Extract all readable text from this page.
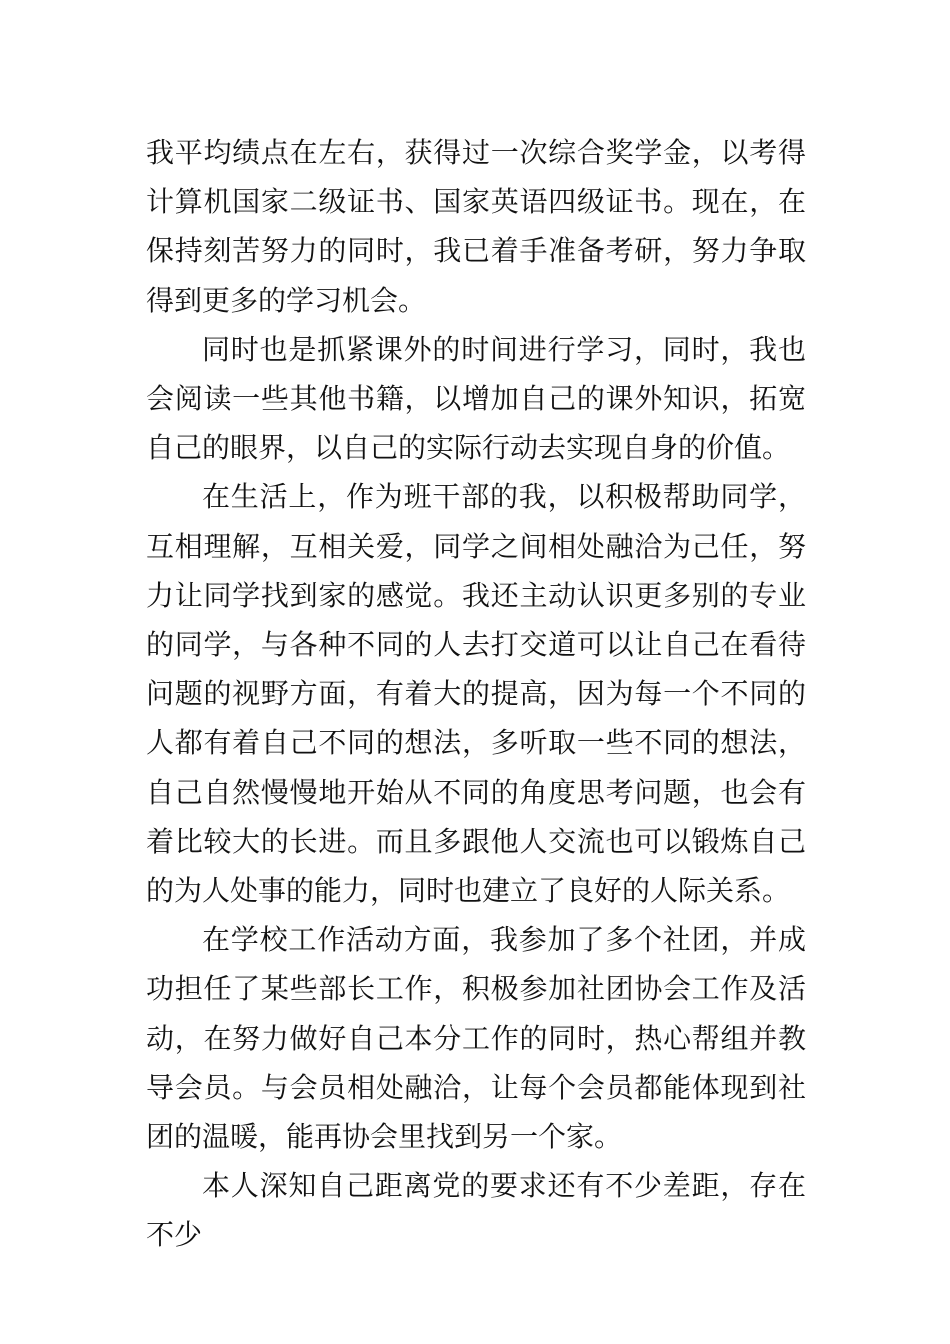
我平均绩点在左右，获得过一次综合奖学金，以考得计算机国家二级证书、国家英语四级证书。现在，在保持刻苦努力的同时，我已着手准备考研，努力争取得到更多的学习机会。

同时也是抓紧课外的时间进行学习，同时，我也会阅读一些其他书籍，以增加自己的课外知识，拓宽自己的眼界，以自己的实际行动去实现自身的价值。

在生活上，作为班干部的我，以积极帮助同学，互相理解，互相关爱，同学之间相处融洽为己任，努力让同学找到家的感觉。我还主动认识更多别的专业的同学，与各种不同的人去打交道可以让自己在看待问题的视野方面，有着大的提高，因为每一个不同的人都有着自己不同的想法，多听取一些不同的想法，自己自然慢慢地开始从不同的角度思考问题，也会有着比较大的长进。而且多跟他人交流也可以锻炼自己的为人处事的能力，同时也建立了良好的人际关系。

在学校工作活动方面，我参加了多个社团，并成功担任了某些部长工作，积极参加社团协会工作及活动，在努力做好自己本分工作的同时，热心帮组并教导会员。与会员相处融洽，让每个会员都能体现到社团的温暖，能再协会里找到另一个家。

本人深知自己距离党的要求还有不少差距，存在不少
